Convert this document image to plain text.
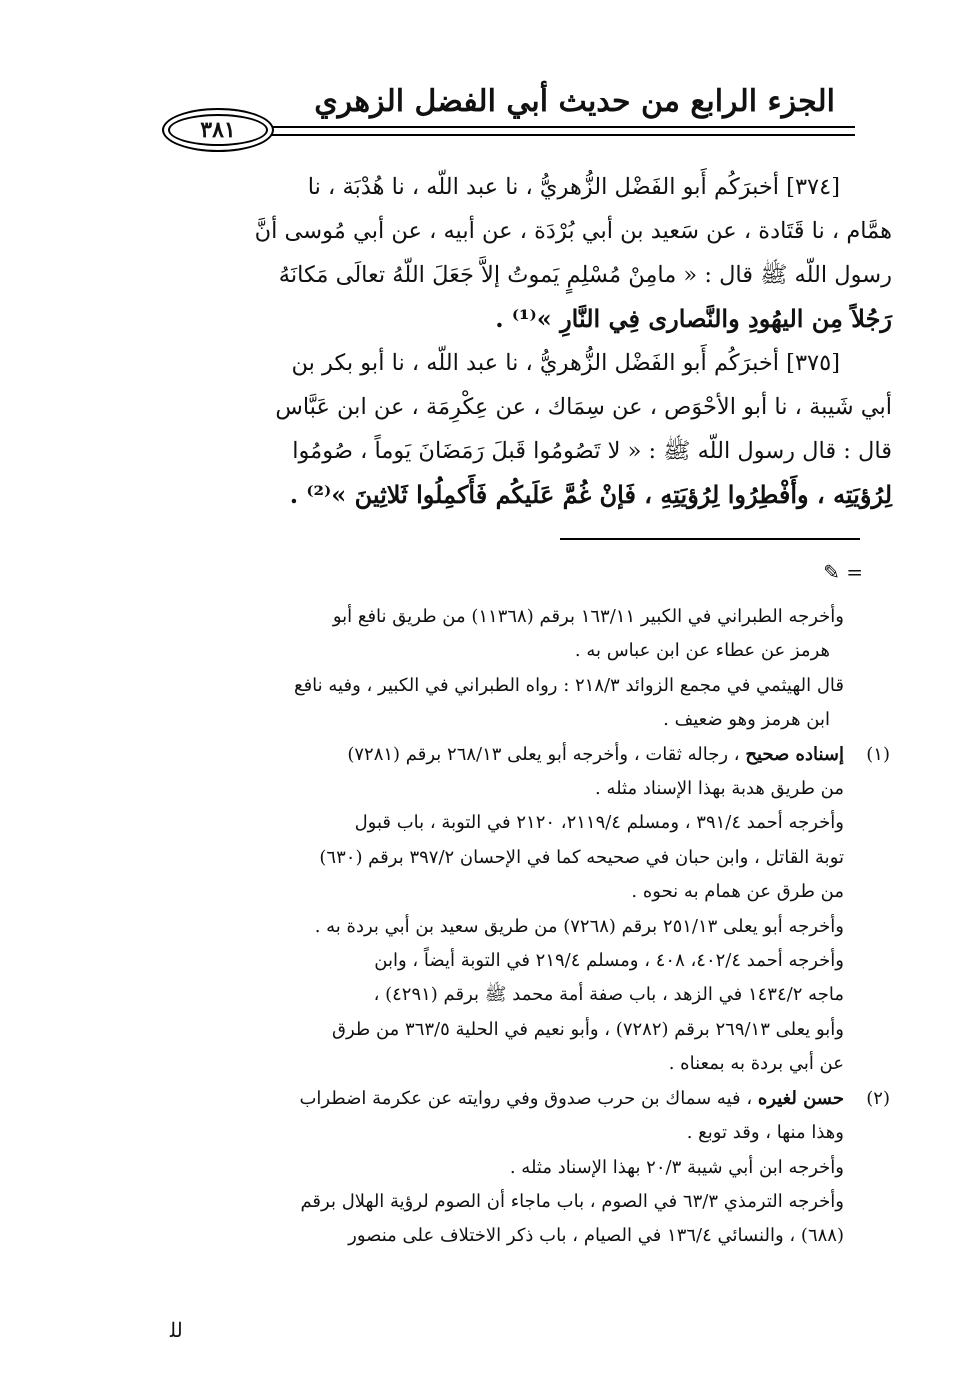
الجزء الرابع من حديث أبي الفضل الزهري
٣٨١

[٣٧٤] أخبرَكُم أَبو الفَضْل الزُّهريُّ ، نا عبد اللّه ، نا هُدْبَة ، نا

همَّام ، نا قَتَادة ، عن سَعيد بن أبي بُرْدَة ، عن أبيه ، عن أبي مُوسى أنَّ

رسول اللّه ﷺ قال : « مامِنْ مُسْلِمٍ يَموتُ إلاَّ جَعَلَ اللّهُ تعالَى مَكانَهُ

رَجُلاً مِن اليهُودِ والنَّصارى فِي النَّارِ »⁽¹⁾ .

[٣٧٥] أخبرَكُم أَبو الفَضْل الزُّهريُّ ، نا عبد اللّه ، نا أبو بكر بن

أبي شَيبة ، نا أبو الأحْوَص ، عن سِمَاك ، عن عِكْرِمَة ، عن ابن عَبَّاس

قال : قال رسول اللّه ﷺ : « لا تَصُومُوا قَبلَ رَمَضَانَ يَوماً ، صُومُوا

لِرُؤيَتِه ، وأَفْطِرُوا لِرُؤيَتِهِ ، فَإنْ غُمَّ عَلَيكُم فَأَكمِلُوا ثَلاثِينَ »⁽²⁾ .

= ✎

وأخرجه الطبراني في الكبير ١٦٣/١١ برقم (١١٣٦٨) من طريق نافع أبو

هرمز عن عطاء عن ابن عباس به .

قال الهيثمي في مجمع الزوائد ٢١٨/٣ : رواه الطبراني في الكبير ، وفيه نافع

ابن هرمز وهو ضعيف .

(١)
إسناده صحيح ، رجاله ثقات ، وأخرجه أبو يعلى ٢٦٨/١٣ برقم (٧٢٨١)

من طريق هدبة بهذا الإسناد مثله .

وأخرجه أحمد ٣٩١/٤ ، ومسلم ٢١١٩/٤، ٢١٢٠ في التوبة ، باب قبول

توبة القاتل ، وابن حبان في صحيحه كما في الإحسان ٣٩٧/٢ برقم (٦٣٠)

من طرق عن همام به نحوه .

وأخرجه أبو يعلى ٢٥١/١٣ برقم (٧٢٦٨) من طريق سعيد بن أبي بردة به .

وأخرجه أحمد ٤٠٢/٤، ٤٠٨ ، ومسلم ٢١٩/٤ في التوبة أيضاً ، وابن

ماجه ١٤٣٤/٢ في الزهد ، باب صفة أمة محمد ﷺ برقم (٤٢٩١) ،

وأبو يعلى ٢٦٩/١٣ برقم (٧٢٨٢) ، وأبو نعيم في الحلية ٣٦٣/٥ من طرق

عن أبي بردة به بمعناه .

(٢)
حسن لغيره ، فيه سماك بن حرب صدوق وفي روايته عن عكرمة اضطراب

وهذا منها ، وقد توبع .

وأخرجه ابن أبي شيبة ٢٠/٣ بهذا الإسناد مثله .

وأخرجه الترمذي ٦٣/٣ في الصوم ، باب ماجاء أن الصوم لرؤية الهلال برقم

(٦٨٨) ، والنسائي ١٣٦/٤ في الصيام ، باب ذكر الاختلاف على منصور

ﻟﻠ
